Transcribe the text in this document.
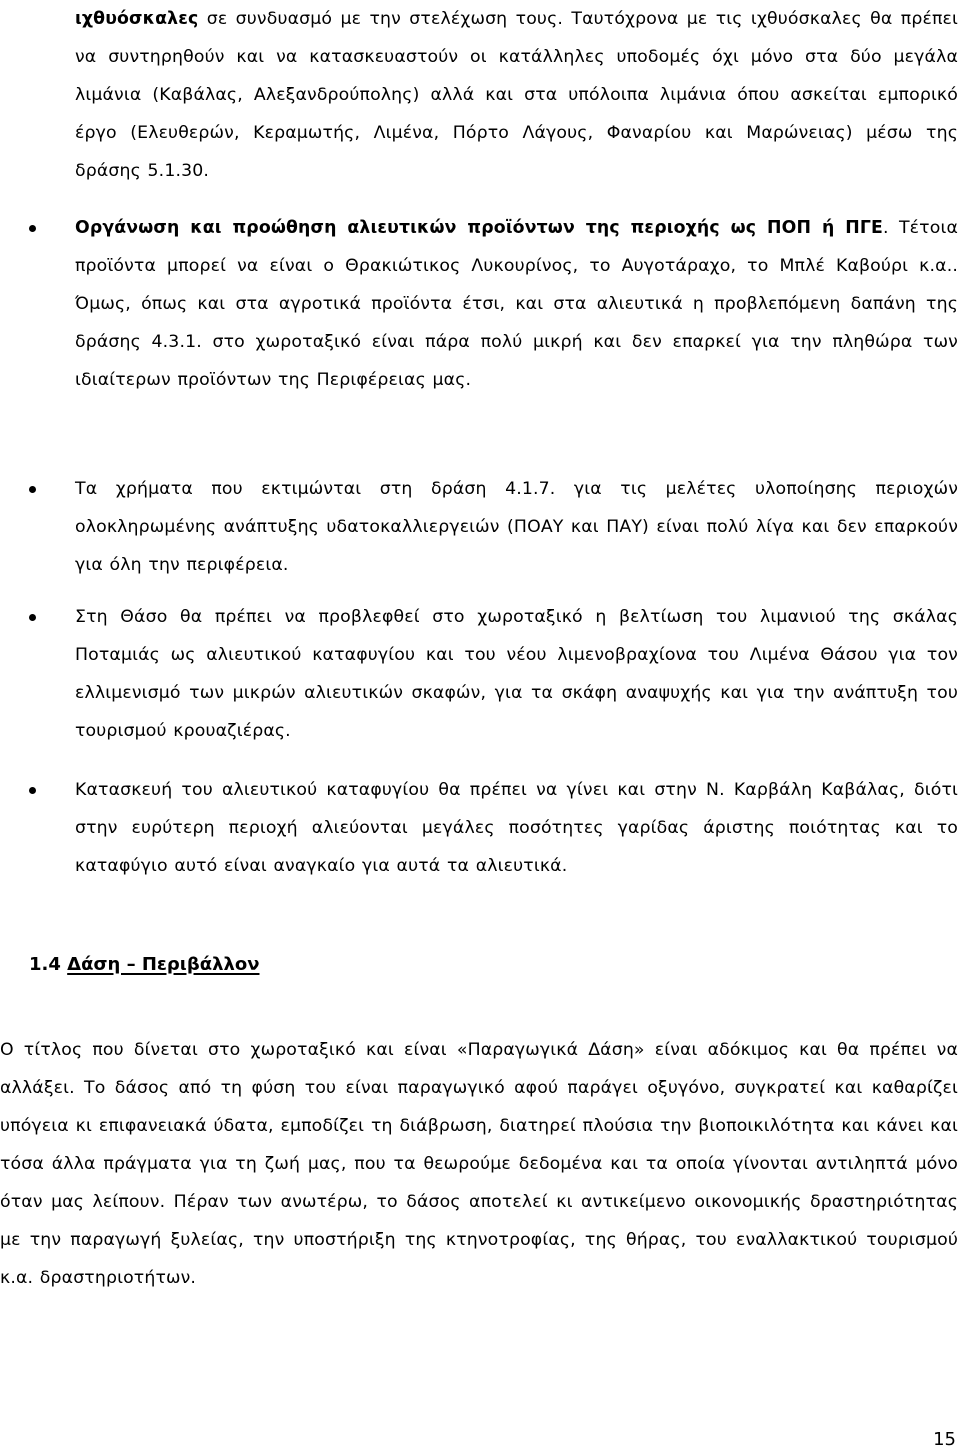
ιχθυόσκαλες σε συνδυασμό με την στελέχωση τους. Ταυτόχρονα με τις ιχθυόσκαλες θα πρέπει να συντηρηθούν και να κατασκευαστούν οι κατάλληλες υποδομές όχι μόνο στα δύο μεγάλα λιμάνια (Καβάλας, Αλεξανδρούπολης) αλλά και στα υπόλοιπα λιμάνια όπου ασκείται εμπορικό έργο (Ελευθερών, Κεραμωτής, Λιμένα, Πόρτο Λάγους, Φαναρίου και Μαρώνειας) μέσω της δράσης 5.1.30.
Οργάνωση και προώθηση αλιευτικών προϊόντων της περιοχής ως ΠΟΠ ή ΠΓΕ. Τέτοια προϊόντα μπορεί να είναι ο Θρακιώτικος Λυκουρίνος, το Αυγοτάραχο, το Μπλέ Καβούρι κ.α.. Όμως, όπως και στα αγροτικά προϊόντα έτσι, και στα αλιευτικά η προβλεπόμενη δαπάνη της δράσης 4.3.1. στο χωροταξικό είναι πάρα πολύ μικρή και δεν επαρκεί για την πληθώρα των ιδιαίτερων προϊόντων της Περιφέρειας μας.
Τα χρήματα που εκτιμώνται στη δράση 4.1.7. για τις μελέτες υλοποίησης περιοχών ολοκληρωμένης ανάπτυξης υδατοκαλλιεργειών (ΠΟΑΥ και ΠΑΥ) είναι πολύ λίγα και δεν επαρκούν για όλη την περιφέρεια.
Στη Θάσο θα πρέπει να προβλεφθεί στο χωροταξικό η βελτίωση του λιμανιού της σκάλας Ποταμιάς ως αλιευτικού καταφυγίου και του νέου λιμενοβραχίονα του Λιμένα Θάσου για τον ελλιμενισμό των μικρών αλιευτικών σκαφών, για τα σκάφη αναψυχής και για την ανάπτυξη του τουρισμού κρουαζιέρας.
Κατασκευή του αλιευτικού καταφυγίου θα πρέπει να γίνει και στην Ν. Καρβάλη Καβάλας, διότι στην ευρύτερη περιοχή αλιεύονται μεγάλες ποσότητες γαρίδας άριστης ποιότητας και το καταφύγιο αυτό είναι αναγκαίο για αυτά τα αλιευτικά.
1.4 Δάση – Περιβάλλον
Ο τίτλος που δίνεται στο χωροταξικό και είναι «Παραγωγικά Δάση» είναι αδόκιμος και θα πρέπει να αλλάξει. Το δάσος από τη φύση του είναι παραγωγικό αφού παράγει οξυγόνο, συγκρατεί και καθαρίζει υπόγεια κι επιφανειακά ύδατα, εμποδίζει τη διάβρωση, διατηρεί πλούσια την βιοποικιλότητα και κάνει και τόσα άλλα πράγματα για τη ζωή μας, που τα θεωρούμε δεδομένα και τα οποία γίνονται αντιληπτά μόνο όταν μας λείπουν. Πέραν των ανωτέρω, το δάσος αποτελεί κι αντικείμενο οικονομικής δραστηριότητας με την παραγωγή ξυλείας, την υποστήριξη της κτηνοτροφίας, της θήρας, του εναλλακτικού τουρισμού κ.α. δραστηριοτήτων.
15
